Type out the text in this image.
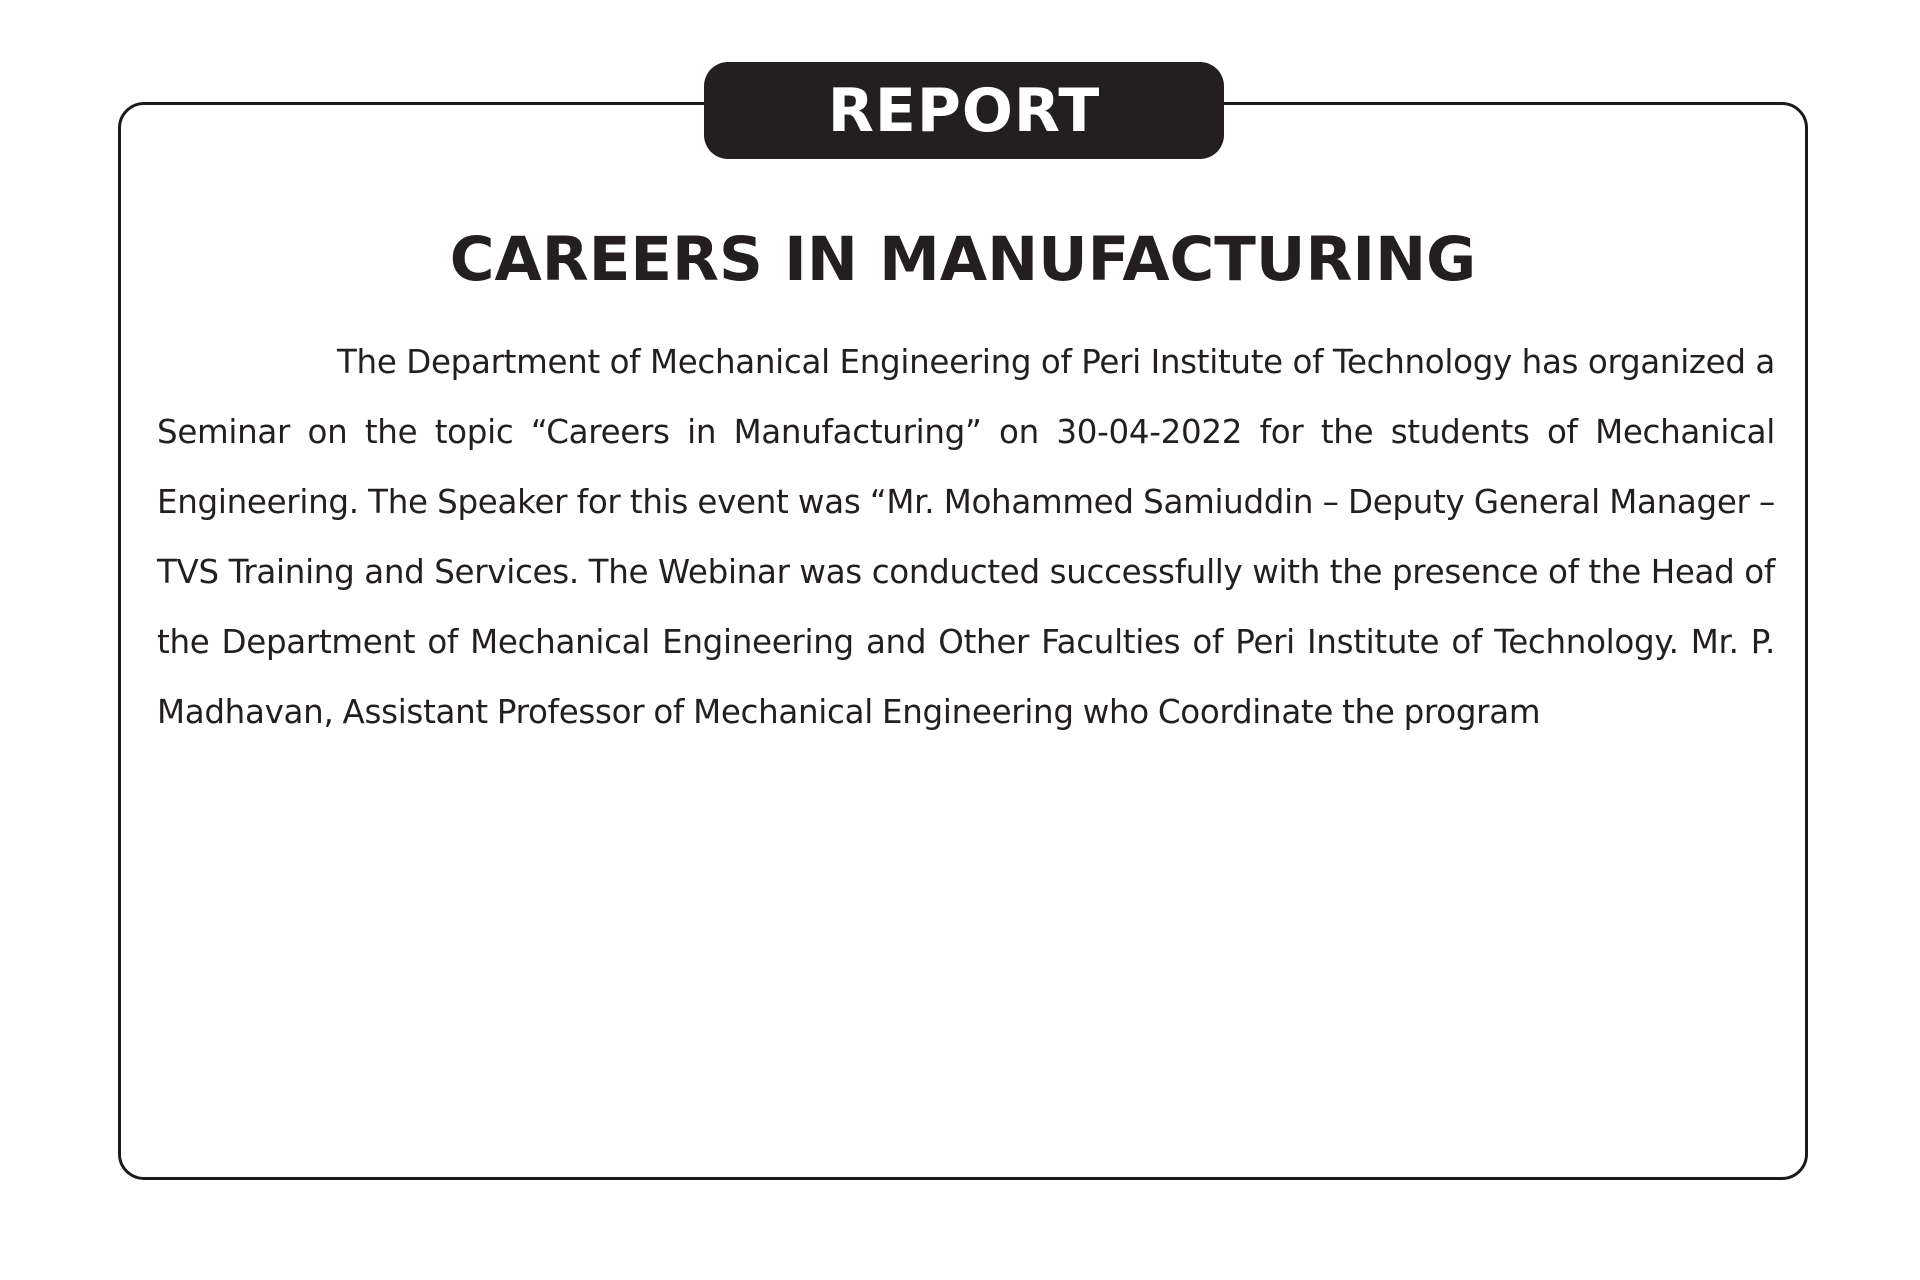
REPORT
CAREERS IN MANUFACTURING

The Department of Mechanical Engineering of Peri Institute of Technology has organized a Seminar on the topic “Careers in Manufacturing” on 30-04-2022 for the students of Mechanical Engineering. The Speaker for this event was “Mr. Mohammed Samiuddin – Deputy General Manager – TVS Training and Services. The Webinar was conducted successfully with the presence of the Head of the Department of Mechanical Engineering and Other Faculties of Peri Institute of Technology. Mr. P. Madhavan, Assistant Professor of Mechanical Engineering who Coordinate the program
